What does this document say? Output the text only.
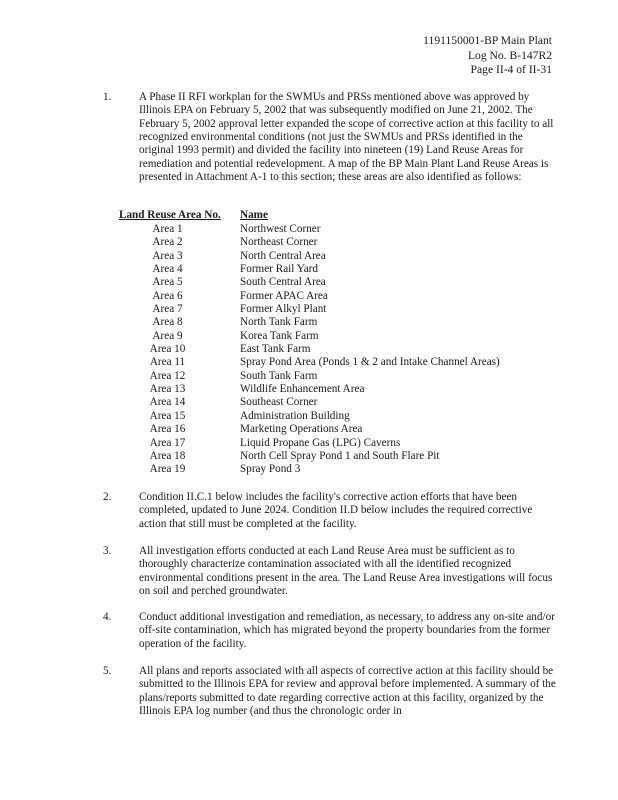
1191150001-BP Main Plant
Log No. B-147R2
Page II-4 of II-31
1. A Phase II RFI workplan for the SWMUs and PRSs mentioned above was approved by Illinois EPA on February 5, 2002 that was subsequently modified on June 21, 2002. The February 5, 2002 approval letter expanded the scope of corrective action at this facility to all recognized environmental conditions (not just the SWMUs and PRSs identified in the original 1993 permit) and divided the facility into nineteen (19) Land Reuse Areas for remediation and potential redevelopment. A map of the BP Main Plant Land Reuse Areas is presented in Attachment A-1 to this section; these areas are also identified as follows:
Land Reuse Area No. Name
Area 1	Northwest Corner
Area 2	Northeast Corner
Area 3	North Central Area
Area 4	Former Rail Yard
Area 5	South Central Area
Area 6	Former APAC Area
Area 7	Former Alkyl Plant
Area 8	North Tank Farm
Area 9	Korea Tank Farm
Area 10	East Tank Farm
Area 11	Spray Pond Area (Ponds 1 & 2 and Intake Channel Areas)
Area 12	South Tank Farm
Area 13	Wildlife Enhancement Area
Area 14	Southeast Corner
Area 15	Administration Building
Area 16	Marketing Operations Area
Area 17	Liquid Propane Gas (LPG) Caverns
Area 18	North Cell Spray Pond 1 and South Flare Pit
Area 19	Spray Pond 3
2. Condition II.C.1 below includes the facility's corrective action efforts that have been completed, updated to June 2024. Condition II.D below includes the required corrective action that still must be completed at the facility.
3. All investigation efforts conducted at each Land Reuse Area must be sufficient as to thoroughly characterize contamination associated with all the identified recognized environmental conditions present in the area. The Land Reuse Area investigations will focus on soil and perched groundwater.
4. Conduct additional investigation and remediation, as necessary, to address any on-site and/or off-site contamination, which has migrated beyond the property boundaries from the former operation of the facility.
5. All plans and reports associated with all aspects of corrective action at this facility should be submitted to the Illinois EPA for review and approval before implemented. A summary of the plans/reports submitted to date regarding corrective action at this facility, organized by the Illinois EPA log number (and thus the chronologic order in
